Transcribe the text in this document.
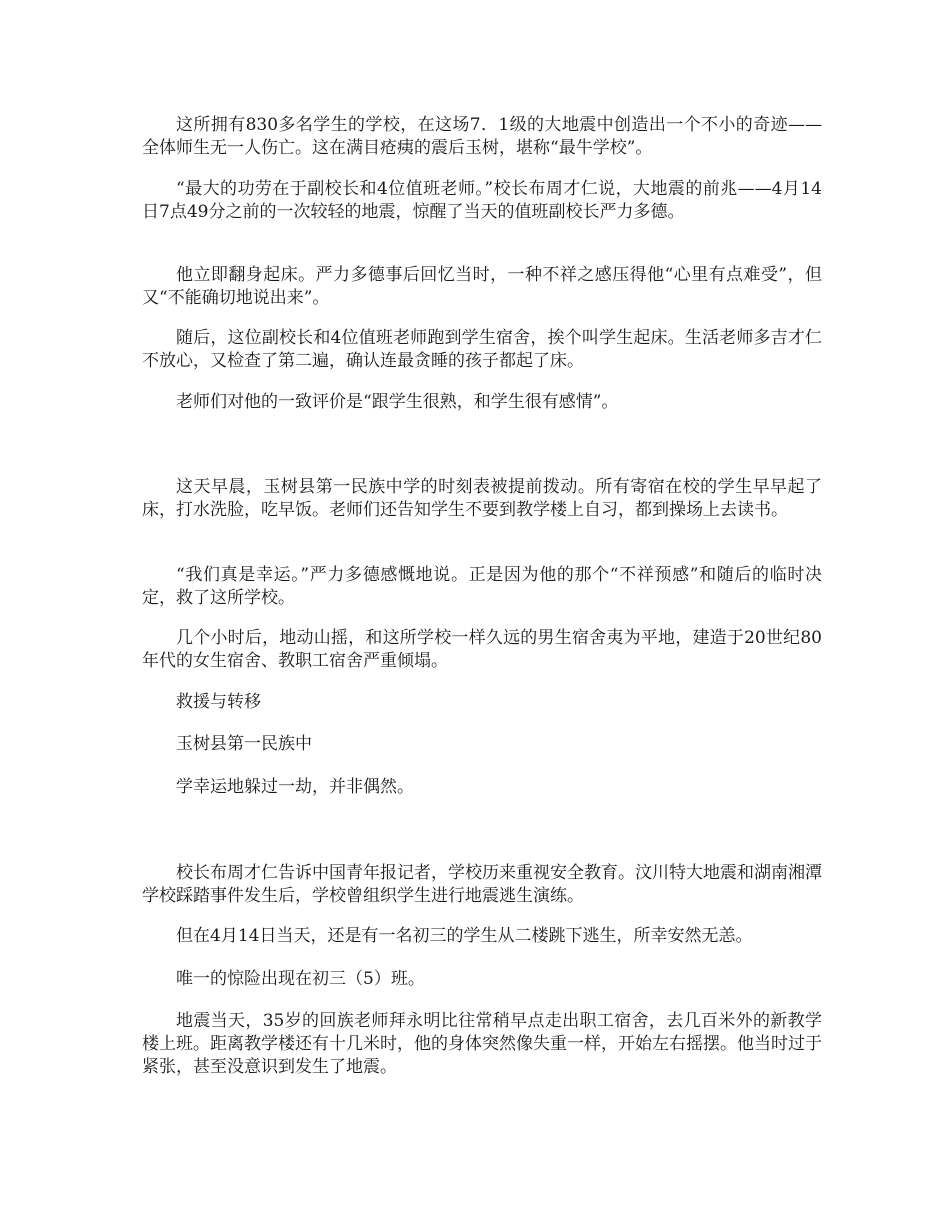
这所拥有830多名学生的学校，在这场7．1级的大地震中创造出一个不小的奇迹——全体师生无一人伤亡。这在满目疮痍的震后玉树，堪称“最牛学校”。

“最大的功劳在于副校长和4位值班老师。”校长布周才仁说，大地震的前兆——4月14日7点49分之前的一次较轻的地震，惊醒了当天的值班副校长严力多德。

他立即翻身起床。严力多德事后回忆当时，一种不祥之感压得他“心里有点难受”，但又“不能确切地说出来”。

随后，这位副校长和4位值班老师跑到学生宿舍，挨个叫学生起床。生活老师多吉才仁不放心，又检查了第二遍，确认连最贪睡的孩子都起了床。

老师们对他的一致评价是“跟学生很熟，和学生很有感情”。

这天早晨，玉树县第一民族中学的时刻表被提前拨动。所有寄宿在校的学生早早起了床，打水洗脸，吃早饭。老师们还告知学生不要到教学楼上自习，都到操场上去读书。

“我们真是幸运。”严力多德感慨地说。正是因为他的那个“不祥预感”和随后的临时决定，救了这所学校。

几个小时后，地动山摇，和这所学校一样久远的男生宿舍夷为平地，建造于20世纪80年代的女生宿舍、教职工宿舍严重倾塌。

救援与转移

玉树县第一民族中

学幸运地躲过一劫，并非偶然。

校长布周才仁告诉中国青年报记者，学校历来重视安全教育。汶川特大地震和湖南湘潭学校踩踏事件发生后，学校曾组织学生进行地震逃生演练。

但在4月14日当天，还是有一名初三的学生从二楼跳下逃生，所幸安然无恙。

唯一的惊险出现在初三（5）班。

地震当天，35岁的回族老师拜永明比往常稍早点走出职工宿舍，去几百米外的新教学楼上班。距离教学楼还有十几米时，他的身体突然像失重一样，开始左右摇摆。他当时过于紧张，甚至没意识到发生了地震。
